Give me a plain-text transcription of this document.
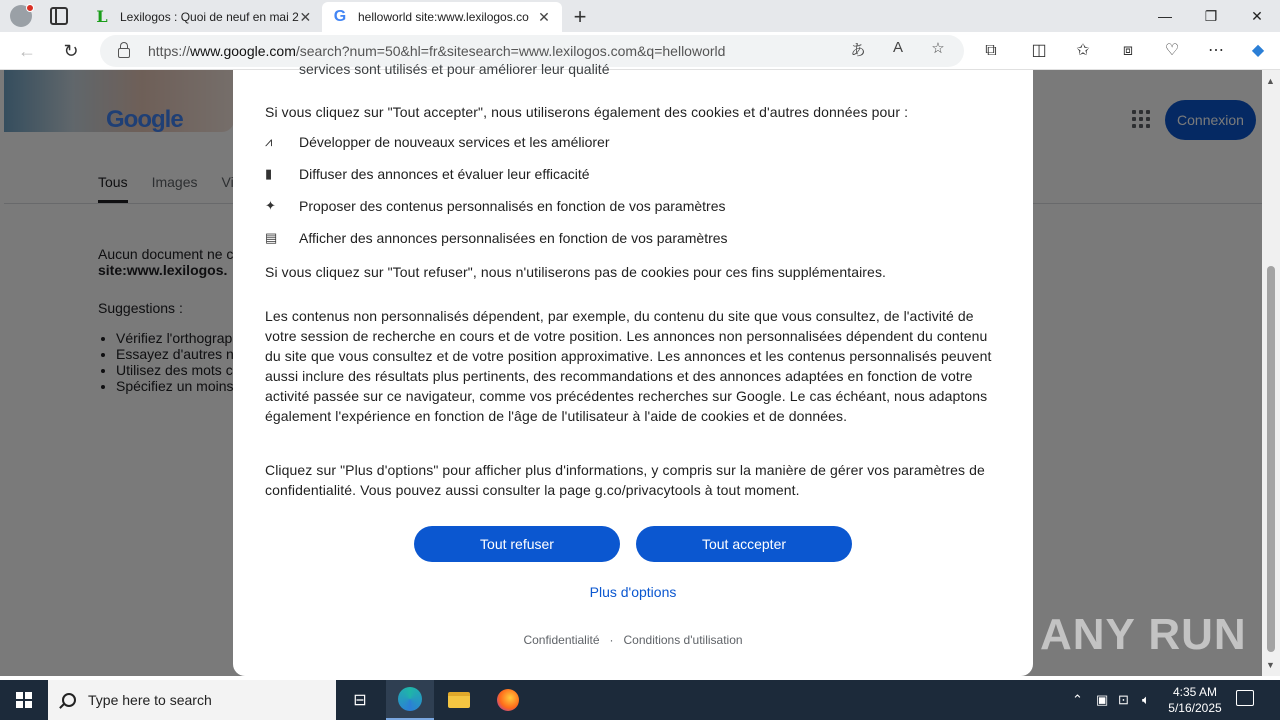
L Lexilogos : Quoi de neuf en mai 2 ✕ G helloworld site:www.lexilogos.co ✕ +	—	❐	✕
←	↻	https://www.google.com/search?num=50&hl=fr&sitesearch=www.lexilogos.com&q=helloworld	あ	A	☆	⧉	◫ ✩	⧈	♡ ⋯	◆
•
•
•
•
▲
▼
services sont utilisés et pour améliorer leur qualité
Si vous cliquez sur "Tout accepter", nous utiliserons également des cookies et d'autres données pour :
⩘	Développer de nouveaux services et les améliorer
▮	Diffuser des annonces et évaluer leur efficacité
✦	Proposer des contenus personnalisés en fonction de vos paramètres
▤	Afficher des annonces personnalisées en fonction de vos paramètres
Si vous cliquez sur "Tout refuser", nous n'utiliserons pas de cookies pour ces fins supplémentaires.
Les contenus non personnalisés dépendent, par exemple, du contenu du site que vous consultez, de l'activité de votre session de recherche en cours et de votre position. Les annonces non personnalisées dépendent du contenu du site que vous consultez et de votre position approximative. Les annonces et les contenus personnalisés peuvent aussi inclure des résultats plus pertinents, des recommandations et des annonces adaptées en fonction de votre activité passée sur ce navigateur, comme vos précédentes recherches sur Google. Le cas échéant, nous adaptons également l'expérience en fonction de l'âge de l'utilisateur à l'aide de cookies et de données.
Cliquez sur "Plus d'options" pour afficher plus d'informations, y compris sur la manière de gérer vos paramètres de confidentialité. Vous pouvez aussi consulter la page g.co/privacytools à tout moment.
Tout refuser	Tout accepter
Plus d'options
Confidentialité · Conditions d'utilisation	ANY RUN
Type here to search	⊟	⌃ ▣ ⊡ 🔈︎	4:35 AM
5/16/2025
